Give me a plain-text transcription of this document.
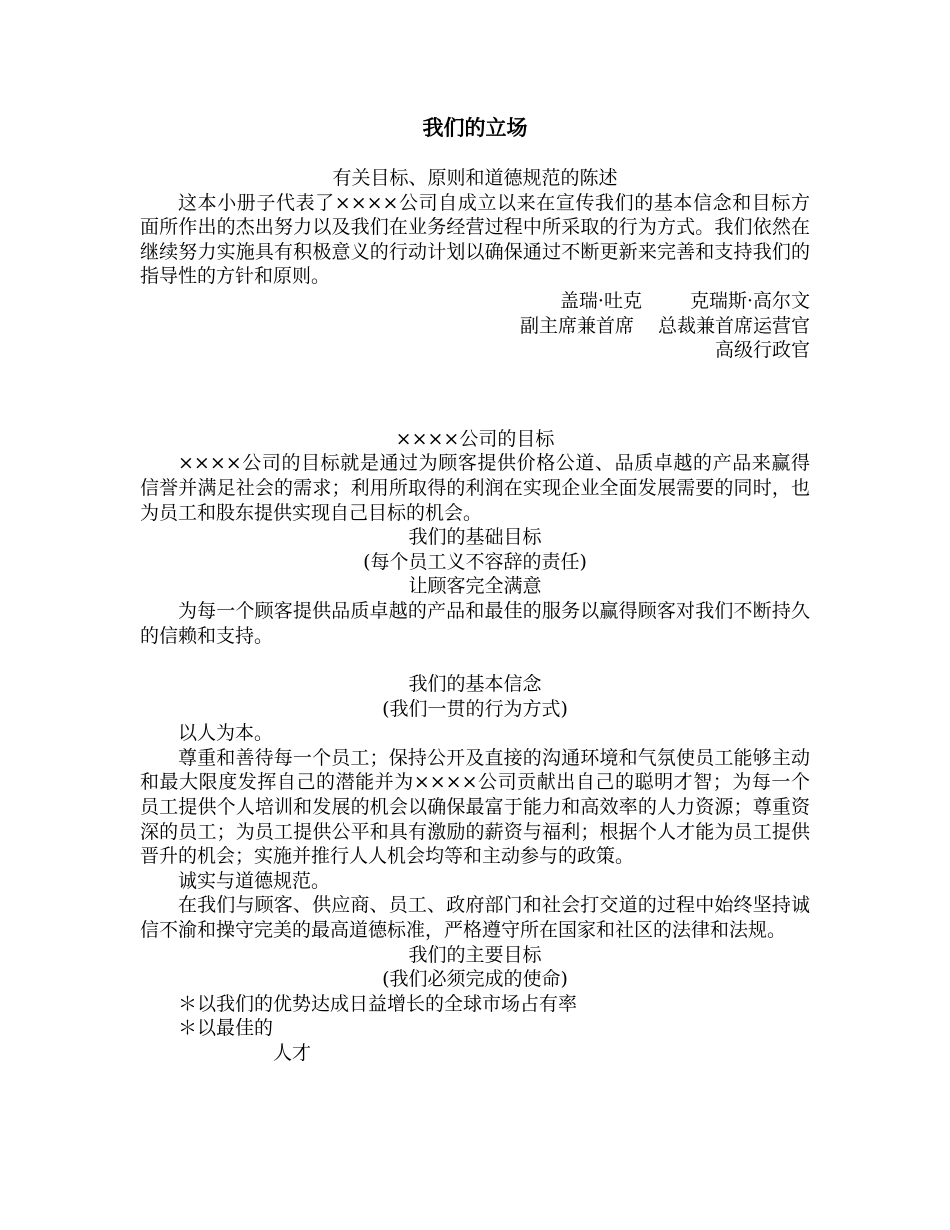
我们的立场
有关目标、原则和道德规范的陈述
这本小册子代表了××××公司自成立以来在宣传我们的基本信念和目标方面所作出的杰出努力以及我们在业务经营过程中所采取的行为方式。我们依然在继续努力实施具有积极意义的行动计划以确保通过不断更新来完善和支持我们的指导性的方针和原则。
盖瑞·吐克	克瑞斯·高尔文
副主席兼首席 总裁兼首席运营官
高级行政官
××××公司的目标
××××公司的目标就是通过为顾客提供价格公道、品质卓越的产品来赢得信誉并满足社会的需求；利用所取得的利润在实现企业全面发展需要的同时，也为员工和股东提供实现自己目标的机会。
我们的基础目标
(每个员工义不容辞的责任)
让顾客完全满意
为每一个顾客提供品质卓越的产品和最佳的服务以赢得顾客对我们不断持久的信赖和支持。
我们的基本信念
(我们一贯的行为方式)
以人为本。
尊重和善待每一个员工；保持公开及直接的沟通环境和气氛使员工能够主动和最大限度发挥自己的潜能并为××××公司贡献出自己的聪明才智；为每一个员工提供个人培训和发展的机会以确保最富于能力和高效率的人力资源；尊重资深的员工；为员工提供公平和具有激励的薪资与福利；根据个人才能为员工提供晋升的机会；实施并推行人人机会均等和主动参与的政策。
诚实与道德规范。
在我们与顾客、供应商、员工、政府部门和社会打交道的过程中始终坚持诚信不渝和操守完美的最高道德标准，严格遵守所在国家和社区的法律和法规。
我们的主要目标
(我们必须完成的使命)
＊以我们的优势达成日益增长的全球市场占有率
＊以最佳的
人才
